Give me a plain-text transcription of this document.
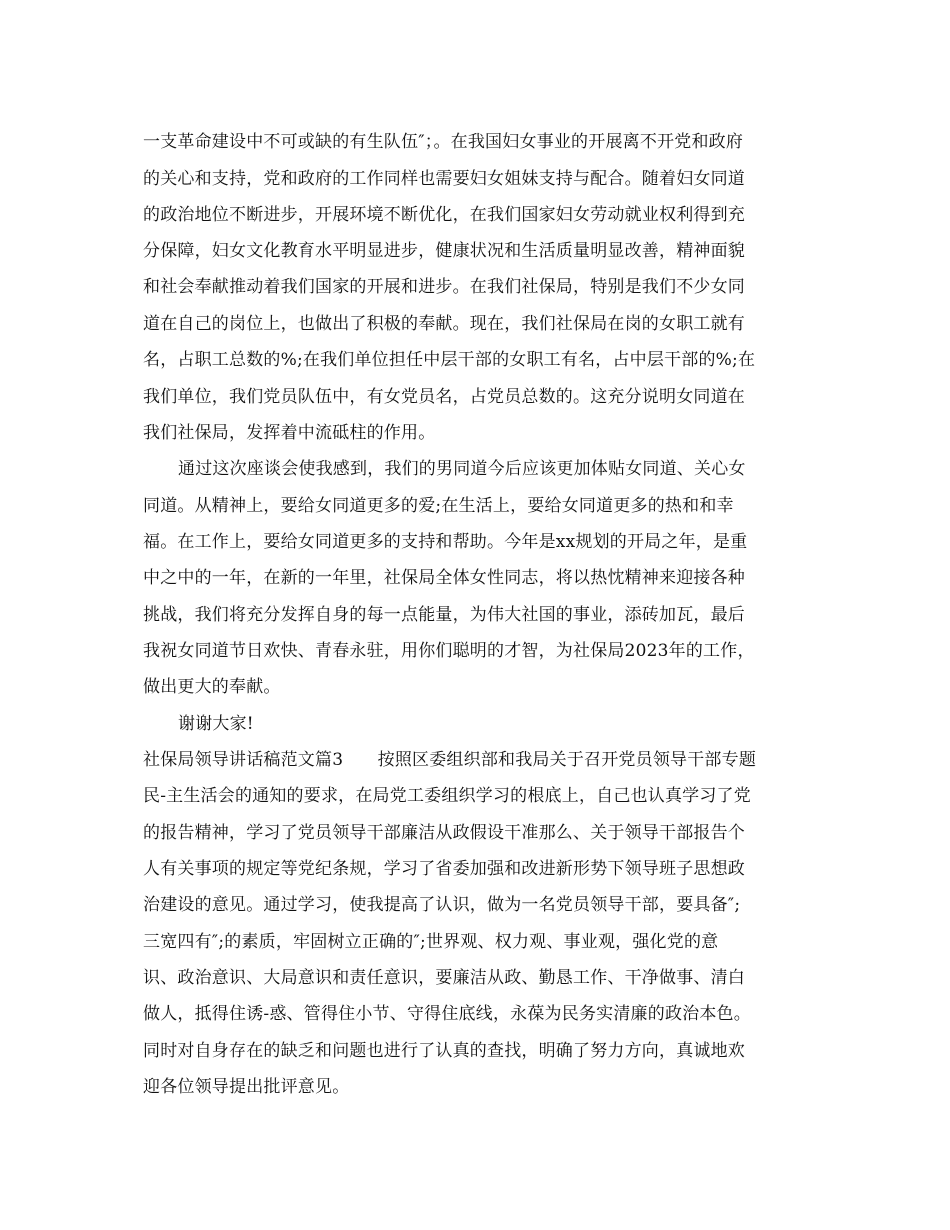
一支革命建设中不可或缺的有生队伍″；。在我国妇女事业的开展离不开党和政府
的关心和支持，党和政府的工作同样也需要妇女姐妹支持与配合。随着妇女同道
的政治地位不断进步，开展环境不断优化，在我们国家妇女劳动就业权利得到充
分保障，妇女文化教育水平明显进步，健康状况和生活质量明显改善，精神面貌
和社会奉献推动着我们国家的开展和进步。在我们社保局，特别是我们不少女同
道在自己的岗位上，也做出了积极的奉献。现在，我们社保局在岗的女职工就有
名，占职工总数的%;在我们单位担任中层干部的女职工有名，占中层干部的%;在
我们单位，我们党员队伍中，有女党员名，占党员总数的。这充分说明女同道在
我们社保局，发挥着中流砥柱的作用。
通过这次座谈会使我感到，我们的男同道今后应该更加体贴女同道、关心女
同道。从精神上，要给女同道更多的爱;在生活上，要给女同道更多的热和和幸
福。在工作上，要给女同道更多的支持和帮助。今年是xx规划的开局之年，是重
中之中的一年，在新的一年里，社保局全体女性同志，将以热忱精神来迎接各种
挑战，我们将充分发挥自身的每一点能量，为伟大社国的事业，添砖加瓦，最后
我祝女同道节日欢快、青春永驻，用你们聪明的才智，为社保局2023年的工作，
做出更大的奉献。
谢谢大家!
社保局领导讲话稿范文篇3　　按照区委组织部和我局关于召开党员领导干部专题
民-主生活会的通知的要求，在局党工委组织学习的根底上，自己也认真学习了党
的报告精神，学习了党员领导干部廉洁从政假设干准那么、关于领导干部报告个
人有关事项的规定等党纪条规，学习了省委加强和改进新形势下领导班子思想政
治建设的意见。通过学习，使我提高了认识，做为一名党员领导干部，要具备″;
三宽四有″;的素质，牢固树立正确的″;世界观、权力观、事业观，强化党的意
识、政治意识、大局意识和责任意识，要廉洁从政、勤恳工作、干净做事、清白
做人，抵得住诱-惑、管得住小节、守得住底线，永葆为民务实清廉的政治本色。
同时对自身存在的缺乏和问题也进行了认真的查找，明确了努力方向，真诚地欢
迎各位领导提出批评意见。
